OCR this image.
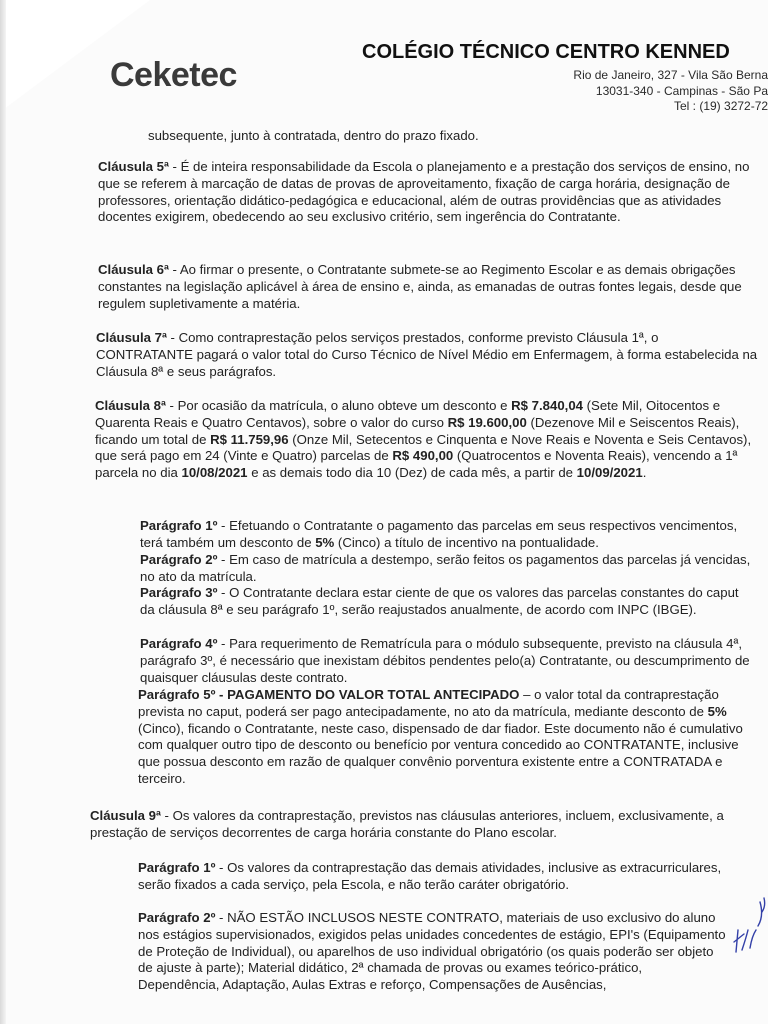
Ceketec
COLÉGIO TÉCNICO CENTRO KENNED
Rio de Janeiro, 327 - Vila São Berna
13031-340 - Campinas - São Pa
Tel : (19) 3272-72
subsequente, junto à contratada, dentro do prazo fixado.
Cláusula 5ª - É de inteira responsabilidade da Escola o planejamento e a prestação dos serviços de ensino, no que se referem à marcação de datas de provas de aproveitamento, fixação de carga horária, designação de professores, orientação didático-pedagógica e educacional, além de outras providências que as atividades docentes exigirem, obedecendo ao seu exclusivo critério, sem ingerência do Contratante.
Cláusula 6ª - Ao firmar o presente, o Contratante submete-se ao Regimento Escolar e as demais obrigações constantes na legislação aplicável à área de ensino e, ainda, as emanadas de outras fontes legais, desde que regulem supletivamente a matéria.
Cláusula 7ª - Como contraprestação pelos serviços prestados, conforme previsto Cláusula 1ª, o CONTRATANTE pagará o valor total do Curso Técnico de Nível Médio em Enfermagem, à forma estabelecida na Cláusula 8ª e seus parágrafos.
Cláusula 8ª - Por ocasião da matrícula, o aluno obteve um desconto e R$ 7.840,04 (Sete Mil, Oitocentos e Quarenta Reais e Quatro Centavos), sobre o valor do curso R$ 19.600,00 (Dezenove Mil e Seiscentos Reais), ficando um total de R$ 11.759,96 (Onze Mil, Setecentos e Cinquenta e Nove Reais e Noventa e Seis Centavos), que será pago em 24 (Vinte e Quatro) parcelas de R$ 490,00 (Quatrocentos e Noventa Reais), vencendo a 1ª parcela no dia 10/08/2021 e as demais todo dia 10 (Dez) de cada mês, a partir de 10/09/2021.
Parágrafo 1º - Efetuando o Contratante o pagamento das parcelas em seus respectivos vencimentos, terá também um desconto de 5% (Cinco) a título de incentivo na pontualidade.
Parágrafo 2º - Em caso de matrícula a destempo, serão feitos os pagamentos das parcelas já vencidas, no ato da matrícula.
Parágrafo 3º - O Contratante declara estar ciente de que os valores das parcelas constantes do caput da cláusula 8ª e seu parágrafo 1º, serão reajustados anualmente, de acordo com INPC (IBGE).
Parágrafo 4º - Para requerimento de Rematrícula para o módulo subsequente, previsto na cláusula 4ª, parágrafo 3º, é necessário que inexistam débitos pendentes pelo(a) Contratante, ou descumprimento de quaisquer cláusulas deste contrato.
Parágrafo 5º - PAGAMENTO DO VALOR TOTAL ANTECIPADO – o valor total da contraprestação prevista no caput, poderá ser pago antecipadamente, no ato da matrícula, mediante desconto de 5% (Cinco), ficando o Contratante, neste caso, dispensado de dar fiador. Este documento não é cumulativo com qualquer outro tipo de desconto ou benefício por ventura concedido ao CONTRATANTE, inclusive que possua desconto em razão de qualquer convênio porventura existente entre a CONTRATADA e terceiro.
Cláusula 9ª - Os valores da contraprestação, previstos nas cláusulas anteriores, incluem, exclusivamente, a prestação de serviços decorrentes de carga horária constante do Plano escolar.
Parágrafo 1º - Os valores da contraprestação das demais atividades, inclusive as extracurriculares, serão fixados a cada serviço, pela Escola, e não terão caráter obrigatório.
Parágrafo 2º - NÃO ESTÃO INCLUSOS NESTE CONTRATO, materiais de uso exclusivo do aluno nos estágios supervisionados, exigidos pelas unidades concedentes de estágio, EPI's (Equipamento de Proteção de Individual), ou aparelhos de uso individual obrigatório (os quais poderão ser objeto de ajuste à parte); Material didático, 2ª chamada de provas ou exames teórico-prático, Dependência, Adaptação, Aulas Extras e reforço, Compensações de Ausências,
